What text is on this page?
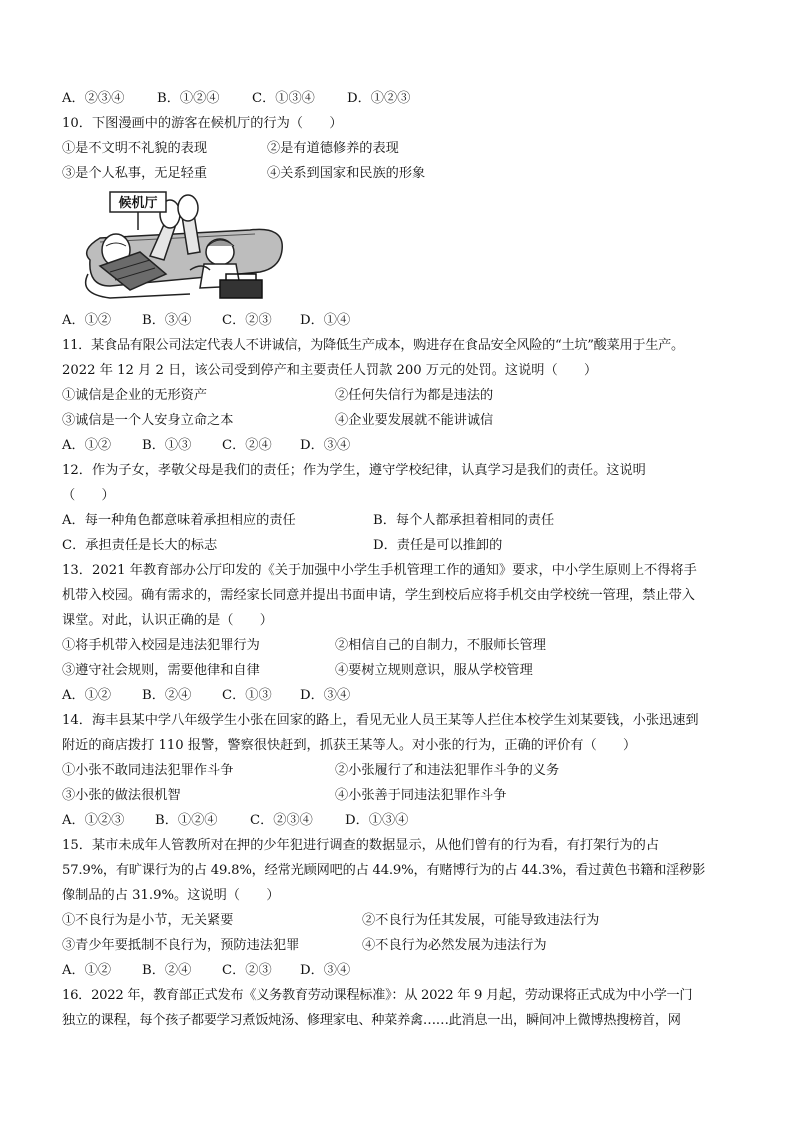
A．②③④	B．①②④	C．①③④	D．①②③
10．下图漫画中的游客在候机厅的行为（　　）
①是不文明不礼貌的表现	②是有道德修养的表现
③是个人私事，无足轻重	④关系到国家和民族的形象
候机厅
A．①②	B．③④	C．②③	D．①④
11．某食品有限公司法定代表人不讲诚信，为降低生产成本，购进存在食品安全风险的“土坑”酸菜用于生产。
2022 年 12 月 2 日，该公司受到停产和主要责任人罚款 200 万元的处罚。这说明（　　）
①诚信是企业的无形资产	②任何失信行为都是违法的
③诚信是一个人安身立命之本	④企业要发展就不能讲诚信
A．①②	B．①③	C．②④	D．③④
12．作为子女，孝敬父母是我们的责任；作为学生，遵守学校纪律，认真学习是我们的责任。这说明
（　　）
A．每一种角色都意味着承担相应的责任	B．每个人都承担着相同的责任
C．承担责任是长大的标志	D．责任是可以推卸的
13．2021 年教育部办公厅印发的《关于加强中小学生手机管理工作的通知》要求，中小学生原则上不得将手
机带入校园。确有需求的，需经家长同意并提出书面申请，学生到校后应将手机交由学校统一管理，禁止带入
课堂。对此，认识正确的是（　　）
①将手机带入校园是违法犯罪行为	②相信自己的自制力，不服师长管理
③遵守社会规则，需要他律和自律	④要树立规则意识，服从学校管理
A．①②	B．②④	C．①③	D．③④
14．海丰县某中学八年级学生小张在回家的路上，看见无业人员王某等人拦住本校学生刘某要钱，小张迅速到
附近的商店拨打 110 报警，警察很快赶到，抓获王某等人。对小张的行为，正确的评价有（　　）
①小张不敢同违法犯罪作斗争	②小张履行了和违法犯罪作斗争的义务
③小张的做法很机智	④小张善于同违法犯罪作斗争
A．①②③	B．①②④	C．②③④	D．①③④
15．某市未成年人管教所对在押的少年犯进行调查的数据显示，从他们曾有的行为看，有打架行为的占
57.9%，有旷课行为的占 49.8%，经常光顾网吧的占 44.9%，有赌博行为的占 44.3%，看过黄色书籍和淫秽影
像制品的占 31.9%。这说明（　　）
①不良行为是小节，无关紧要	②不良行为任其发展，可能导致违法行为
③青少年要抵制不良行为，预防违法犯罪	④不良行为必然发展为违法行为
A．①②	B．②④	C．②③	D．③④
16．2022 年，教育部正式发布《义务教育劳动课程标准》：从 2022 年 9 月起，劳动课将正式成为中小学一门
独立的课程，每个孩子都要学习煮饭炖汤、修理家电、种菜养禽……此消息一出，瞬间冲上微博热搜榜首，网
